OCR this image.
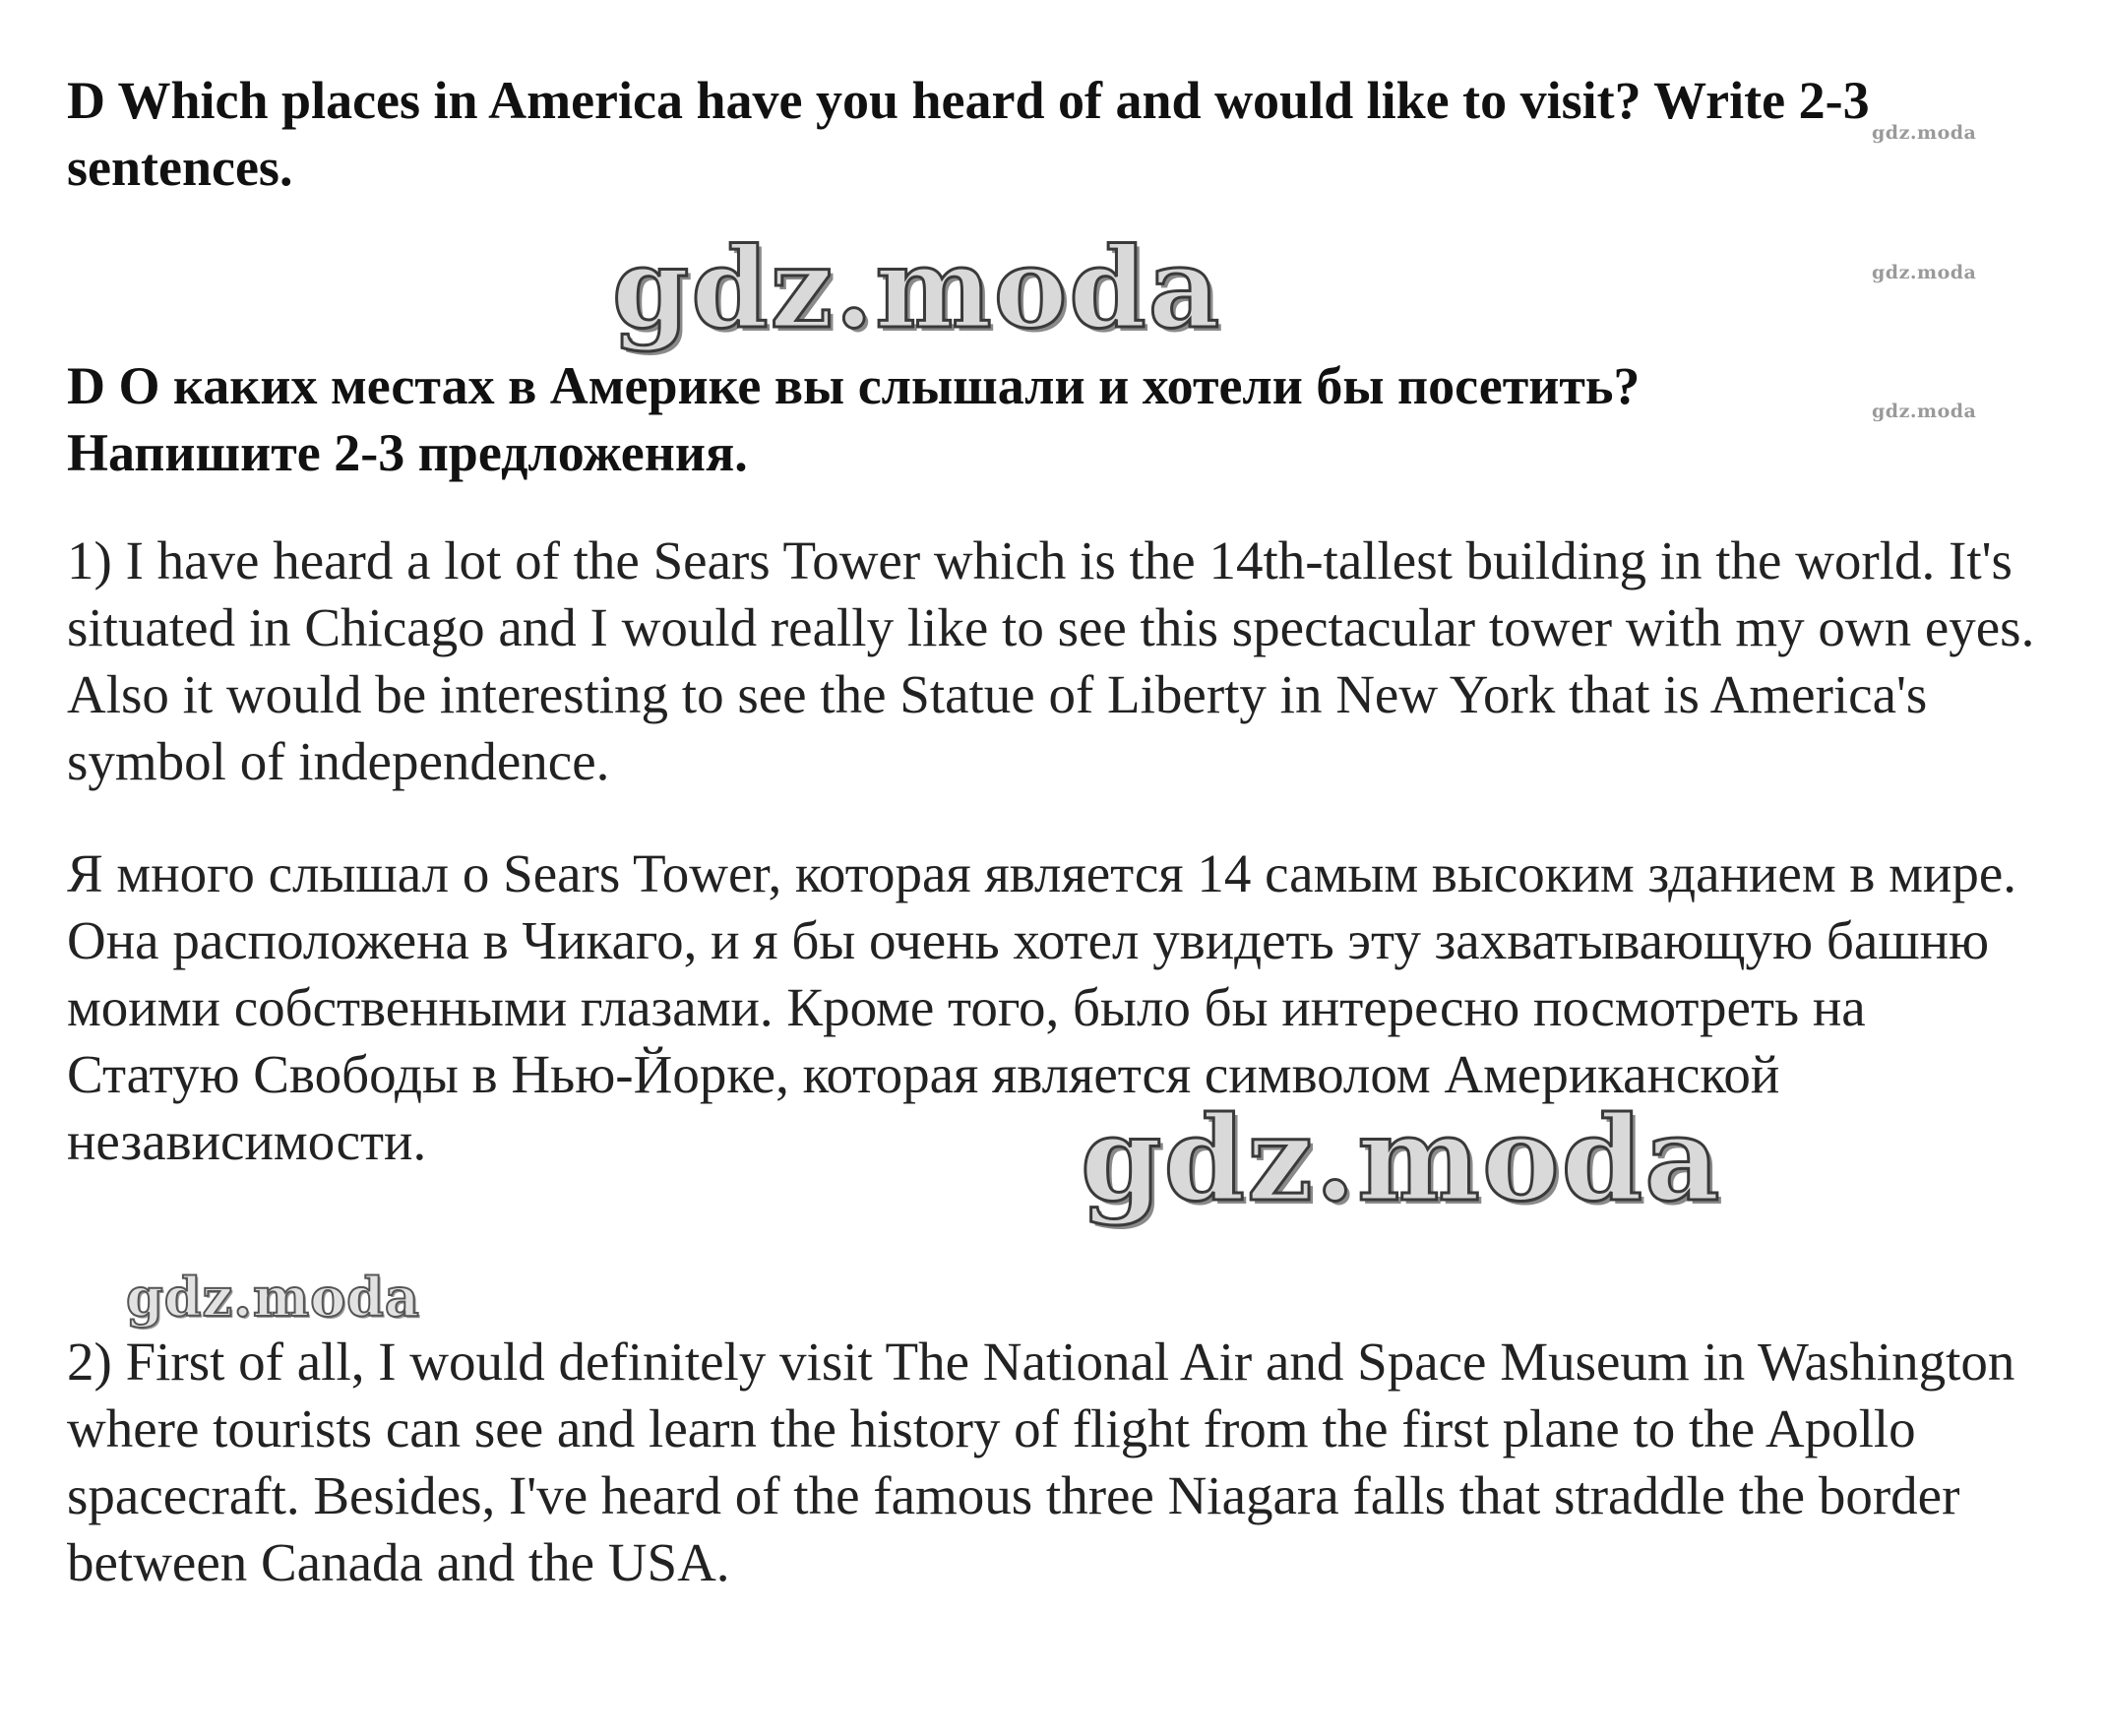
D Which places in America have you heard of and would like to visit? Write 2-3 sentences.
gdz.moda
gdz.moda	gdz.moda
D О каких местах в Америке вы слышали и хотели бы посетить? Напишите 2-3 предложения.
gdz.moda

1) I have heard a lot of the Sears Tower which is the 14th-tallest building in the world. It's situated in Chicago and I would really like to see this spectacular tower with my own eyes. Also it would be interesting to see the Statue of Liberty in New York that is America's symbol of independence.

Я много слышал о Sears Tower, которая является 14 самым высоким зданием в мире. Она расположена в Чикаго, и я бы очень хотел увидеть эту захватывающую башню моими собственными глазами. Кроме того, было бы интересно посмотреть на Статую Свободы в Нью-Йорке, которая является символом Американской независимости.	gdz.moda
gdz.moda

2) First of all, I would definitely visit The National Air and Space Museum in Washington where tourists can see and learn the history of flight from the first plane to the Apollo spacecraft. Besides, I've heard of the famous three Niagara falls that straddle the border between Canada and the USA.
